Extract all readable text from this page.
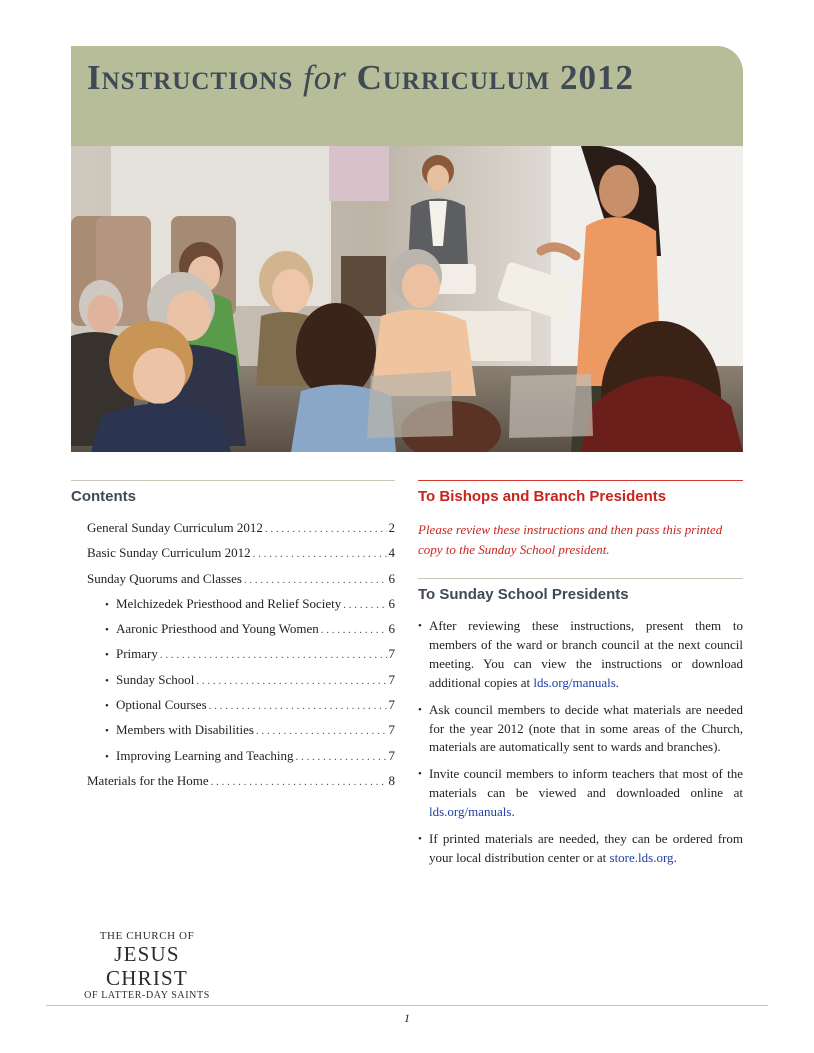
Instructions for Curriculum 2012
Contents
General Sunday Curriculum 2012 . . .	2
Basic Sunday Curriculum 2012 . . .	4
Sunday Quorums and Classes . . .	6
• Melchizedek Priesthood and Relief Society . . .	6
• Aaronic Priesthood and Young Women . . .	6
• Primary . . .	7
• Sunday School . . .	7
• Optional Courses . . .	7
• Members with Disabilities . . .	7
• Improving Learning and Teaching . . .	7
Materials for the Home . . .	8
To Bishops and Branch Presidents

Please review these instructions and then pass this printed copy to the Sunday School president.

To Sunday School Presidents
• After reviewing these instructions, present them to members of the ward or branch council at the next council meeting. You can view the instructions or download additional copies at lds.org/manuals.
• Ask council members to decide what materials are needed for the year 2012 (note that in some areas of the Church, materials are automatically sent to wards and branches).
• Invite council members to inform teachers that most of the materials can be viewed and downloaded online at lds.org/manuals.
• If printed materials are needed, they can be ordered from your local distribution center or at store.lds.org.
THE CHURCH OF
JESUS CHRIST
OF LATTER-DAY SAINTS
1
